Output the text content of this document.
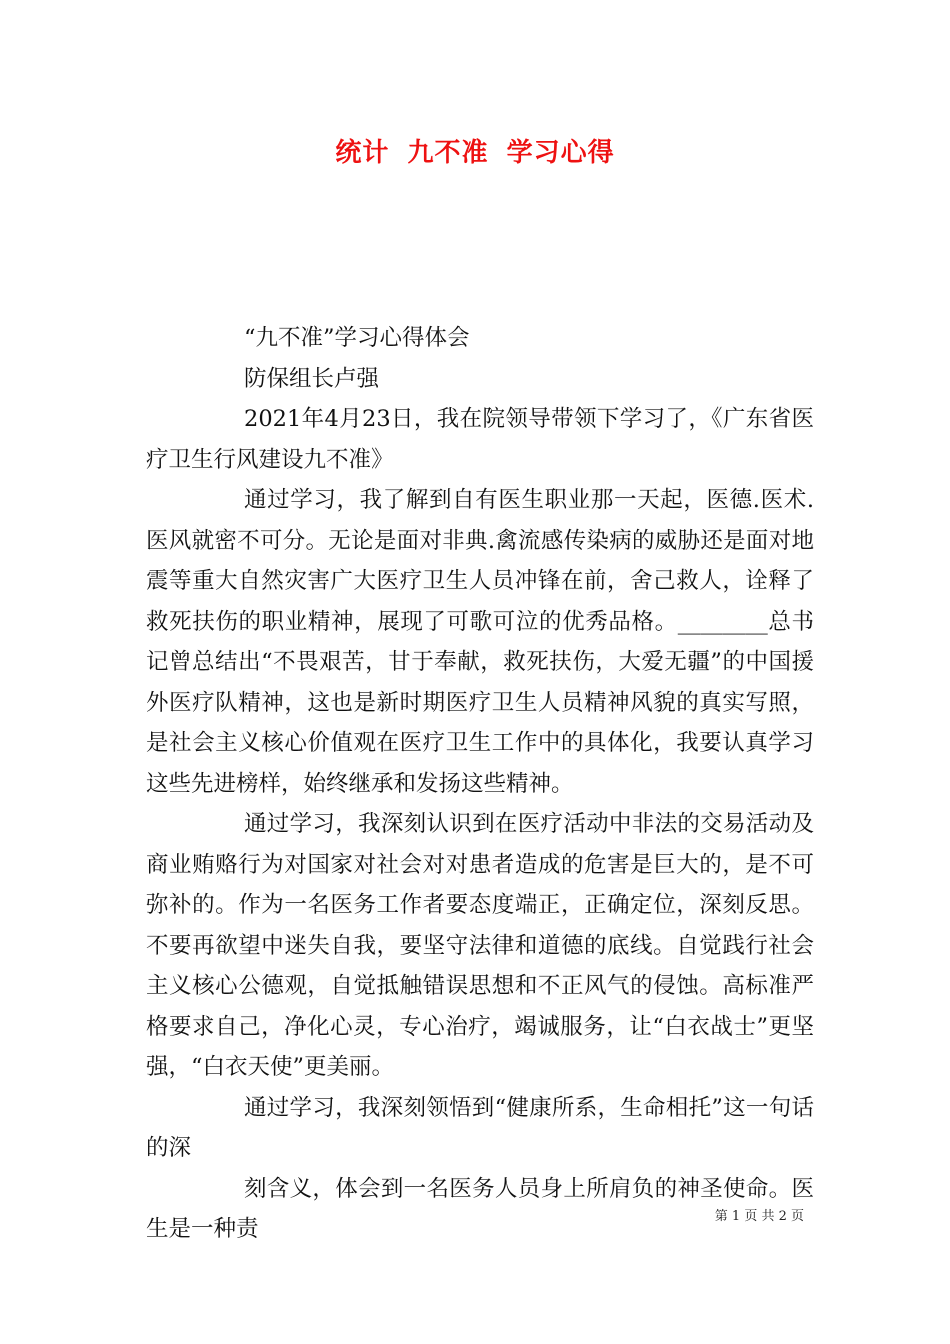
统计 九不准 学习心得

“九不准”学习心得体会

防保组长卢强

2021年4月23日，我在院领导带领下学习了，《广东省医疗卫生行风建设九不准》

通过学习，我了解到自有医生职业那一天起，医德.医术.医风就密不可分。无论是面对非典.禽流感传染病的威胁还是面对地震等重大自然灾害广大医疗卫生人员冲锋在前，舍己救人，诠释了救死扶伤的职业精神，展现了可歌可泣的优秀品格。________总书记曾总结出“不畏艰苦，甘于奉献，救死扶伤，大爱无疆”的中国援外医疗队精神，这也是新时期医疗卫生人员精神风貌的真实写照，是社会主义核心价值观在医疗卫生工作中的具体化，我要认真学习这些先进榜样，始终继承和发扬这些精神。

通过学习，我深刻认识到在医疗活动中非法的交易活动及商业贿赂行为对国家对社会对对患者造成的危害是巨大的，是不可弥补的。作为一名医务工作者要态度端正，正确定位，深刻反思。不要再欲望中迷失自我，要坚守法律和道德的底线。自觉践行社会主义核心公德观，自觉抵触错误思想和不正风气的侵蚀。高标准严格要求自己，净化心灵，专心治疗，竭诚服务，让“白衣战士”更坚强，“白衣天使”更美丽。

通过学习，我深刻领悟到“健康所系，生命相托”这一句话的深

刻含义，体会到一名医务人员身上所肩负的神圣使命。医生是一种责	第 1 页 共 2 页
